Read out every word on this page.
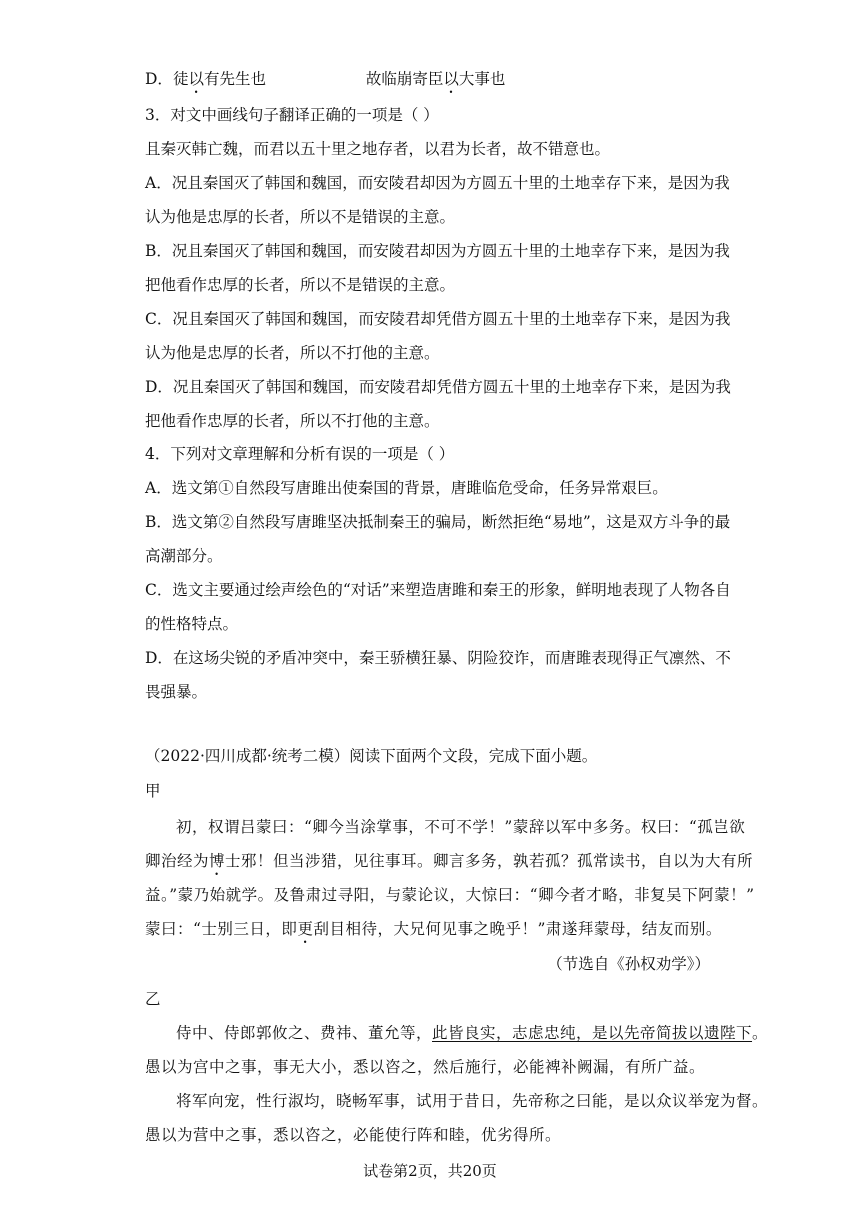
D．徒以有先生也	故临崩寄臣以大事也
3．对文中画线句子翻译正确的一项是（ ）
且秦灭韩亡魏，而君以五十里之地存者，以君为长者，故不错意也。
A．况且秦国灭了韩国和魏国，而安陵君却因为方圆五十里的土地幸存下来，是因为我
认为他是忠厚的长者，所以不是错误的主意。
B．况且秦国灭了韩国和魏国，而安陵君却因为方圆五十里的土地幸存下来，是因为我
把他看作忠厚的长者，所以不是错误的主意。
C．况且秦国灭了韩国和魏国，而安陵君却凭借方圆五十里的土地幸存下来，是因为我
认为他是忠厚的长者，所以不打他的主意。
D．况且秦国灭了韩国和魏国，而安陵君却凭借方圆五十里的土地幸存下来，是因为我
把他看作忠厚的长者，所以不打他的主意。
4．下列对文章理解和分析有误的一项是（ ）
A．选文第①自然段写唐雎出使秦国的背景，唐雎临危受命，任务异常艰巨。
B．选文第②自然段写唐雎坚决抵制秦王的骗局，断然拒绝“易地”，这是双方斗争的最
高潮部分。
C．选文主要通过绘声绘色的“对话”来塑造唐雎和秦王的形象，鲜明地表现了人物各自
的性格特点。
D．在这场尖锐的矛盾冲突中，秦王骄横狂暴、阴险狡诈，而唐雎表现得正气凛然、不
畏强暴。
（2022·四川成都·统考二模）阅读下面两个文段，完成下面小题。
甲
初，权谓吕蒙曰：“卿今当涂掌事，不可不学！”蒙辞以军中多务。权曰：“孤岂欲
卿治经为博士邪！但当涉猎，见往事耳。卿言多务，孰若孤？孤常读书，自以为大有所
益。”蒙乃始就学。及鲁肃过寻阳，与蒙论议，大惊曰：“卿今者才略，非复吴下阿蒙！”
蒙曰：“士别三日，即更刮目相待，大兄何见事之晚乎！”肃遂拜蒙母，结友而别。
（节选自《孙权劝学》）
乙
侍中、侍郎郭攸之、费祎、董允等，此皆良实，志虑忠纯，是以先帝简拔以遗陛下。
愚以为宫中之事，事无大小，悉以咨之，然后施行，必能裨补阙漏，有所广益。
将军向宠，性行淑均，晓畅军事，试用于昔日，先帝称之曰能，是以众议举宠为督。
愚以为营中之事，悉以咨之，必能使行阵和睦，优劣得所。
试卷第2页，共20页
